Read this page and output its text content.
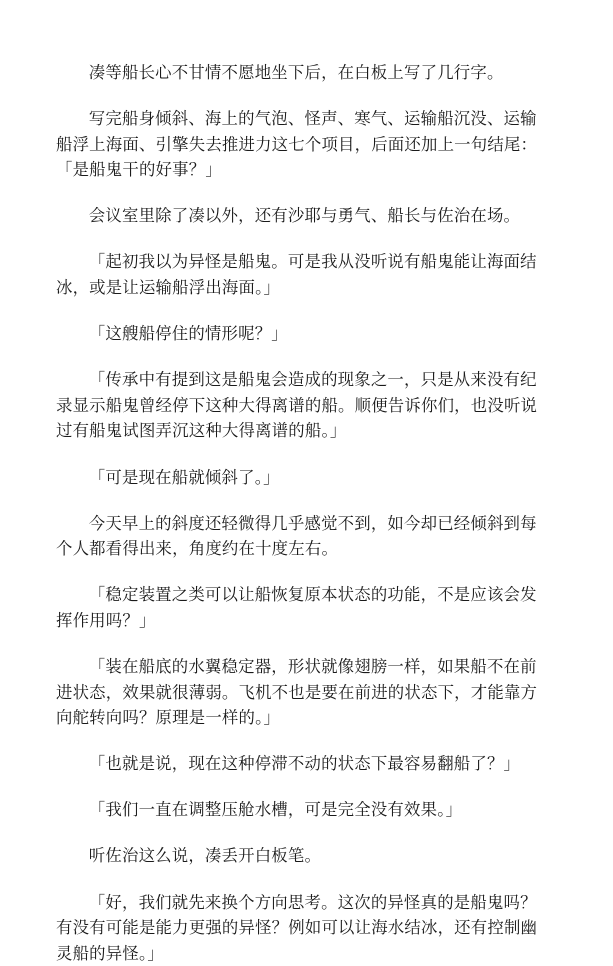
凑等船长心不甘情不愿地坐下后，在白板上写了几行字。

写完船身倾斜、海上的气泡、怪声、寒气、运输船沉没、运输船浮上海面、引擎失去推进力这七个项目，后面还加上一句结尾：「是船鬼干的好事？」

会议室里除了凑以外，还有沙耶与勇气、船长与佐治在场。

「起初我以为异怪是船鬼。可是我从没听说有船鬼能让海面结冰，或是让运输船浮出海面。」

「这艘船停住的情形呢？」

「传承中有提到这是船鬼会造成的现象之一，只是从来没有纪录显示船鬼曾经停下这种大得离谱的船。顺便告诉你们，也没听说过有船鬼试图弄沉这种大得离谱的船。」

「可是现在船就倾斜了。」

今天早上的斜度还轻微得几乎感觉不到，如今却已经倾斜到每个人都看得出来，角度约在十度左右。

「稳定装置之类可以让船恢复原本状态的功能，不是应该会发挥作用吗？」

「装在船底的水翼稳定器，形状就像翅膀一样，如果船不在前进状态，效果就很薄弱。飞机不也是要在前进的状态下，才能靠方向舵转向吗？原理是一样的。」

「也就是说，现在这种停滞不动的状态下最容易翻船了？」

「我们一直在调整压舱水槽，可是完全没有效果。」

听佐治这么说，凑丢开白板笔。

「好，我们就先来换个方向思考。这次的异怪真的是船鬼吗？有没有可能是能力更强的异怪？例如可以让海水结冰，还有控制幽灵船的异怪。」
